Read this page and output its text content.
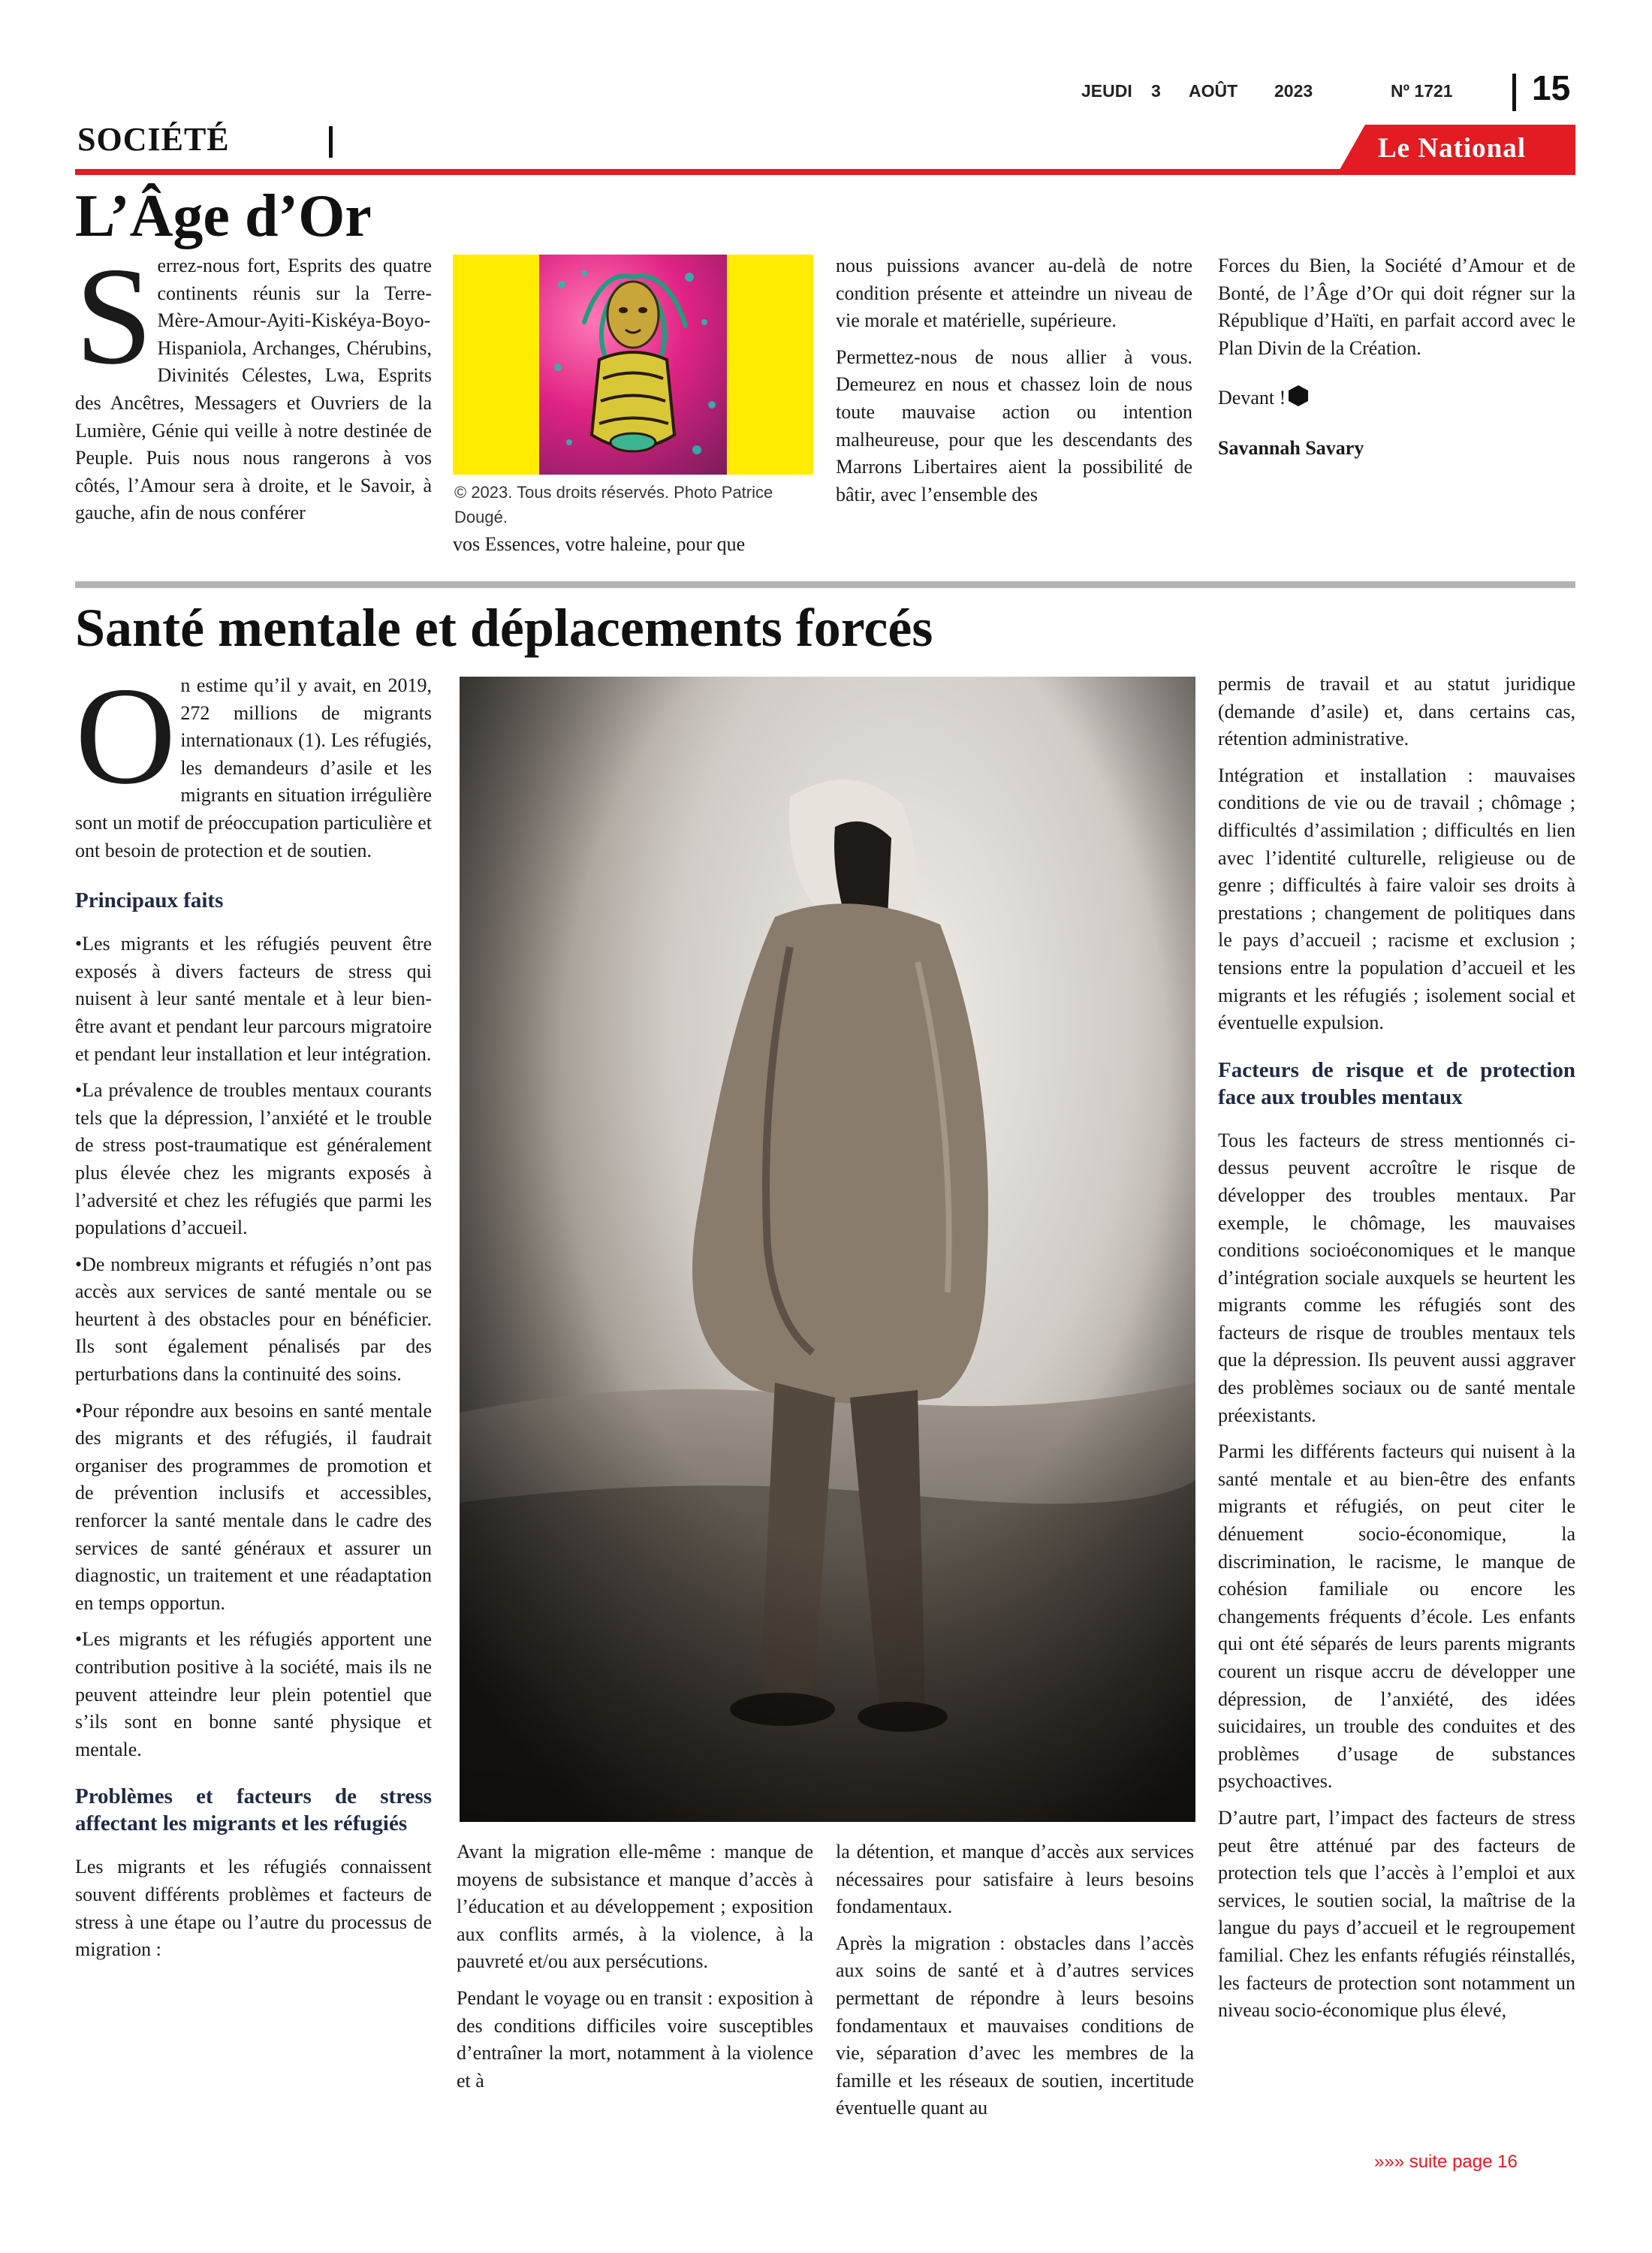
JEUDI 3 AOÛT 2023	Nº 1721 15
SOCIÉTÉ	Le National
L’Âge d’Or
S errez-nous fort, Esprits des quatre continents réunis sur la Terre-Mère-Amour-Ayiti-Kiskéya-Boyo-Hispaniola, Archanges, Chérubins, Divinités Célestes, Lwa, Esprits des Ancêtres, Messagers et Ouvriers de la Lumière, Génie qui veille à notre destinée de Peuple. Puis nous nous rangerons à vos côtés, l’Amour sera à droite, et le Savoir, à gauche, afin de nous conférer
© 2023. Tous droits réservés. Photo Patrice Dougé.
vos Essences, votre haleine, pour que

nous puissions avancer au-delà de notre condition présente et atteindre un niveau de vie morale et matérielle, supérieure.

Permettez-nous de nous allier à vous. Demeurez en nous et chassez loin de nous toute mauvaise action ou intention malheureuse, pour que les descendants des Marrons Libertaires aient la possibilité de bâtir, avec l’ensemble des

Forces du Bien, la Société d’Amour et de Bonté, de l’Âge d’Or qui doit régner sur la République d’Haïti, en parfait accord avec le Plan Divin de la Création.

Devant !

Savannah Savary

Santé mentale et déplacements forcés

O n estime qu’il y avait, en 2019, 272 millions de migrants internationaux (1). Les réfugiés, les demandeurs d’asile et les migrants en situation irrégulière sont un motif de préoccupation particulière et ont besoin de protection et de soutien.

Principaux faits

•Les migrants et les réfugiés peuvent être exposés à divers facteurs de stress qui nuisent à leur santé mentale et à leur bien-être avant et pendant leur parcours migratoire et pendant leur installation et leur intégration.

•La prévalence de troubles mentaux courants tels que la dépression, l’anxiété et le trouble de stress post-traumatique est généralement plus élevée chez les migrants exposés à l’adversité et chez les réfugiés que parmi les populations d’accueil.

•De nombreux migrants et réfugiés n’ont pas accès aux services de santé mentale ou se heurtent à des obstacles pour en bénéficier. Ils sont également pénalisés par des perturbations dans la continuité des soins.

•Pour répondre aux besoins en santé mentale des migrants et des réfugiés, il faudrait organiser des programmes de promotion et de prévention inclusifs et accessibles, renforcer la santé mentale dans le cadre des services de santé généraux et assurer un diagnostic, un traitement et une réadaptation en temps opportun.

•Les migrants et les réfugiés apportent une contribution positive à la société, mais ils ne peuvent atteindre leur plein potentiel que s’ils sont en bonne santé physique et mentale.

Problèmes et facteurs de stress affectant les migrants et les réfugiés

Les migrants et les réfugiés connaissent souvent différents problèmes et facteurs de stress à une étape ou l’autre du processus de migration :

Avant la migration elle-même : manque de moyens de subsistance et manque d’accès à l’éducation et au développement ; exposition aux conflits armés, à la violence, à la pauvreté et/ou aux persécutions.

Pendant le voyage ou en transit : exposition à des conditions difficiles voire susceptibles d’entraîner la mort, notamment à la violence et à

la détention, et manque d’accès aux services nécessaires pour satisfaire à leurs besoins fondamentaux.

Après la migration : obstacles dans l’accès aux soins de santé et à d’autres services permettant de répondre à leurs besoins fondamentaux et mauvaises conditions de vie, séparation d’avec les membres de la famille et les réseaux de soutien, incertitude éventuelle quant au

permis de travail et au statut juridique (demande d’asile) et, dans certains cas, rétention administrative.

Intégration et installation : mauvaises conditions de vie ou de travail ; chômage ; difficultés d’assimilation ; difficultés en lien avec l’identité culturelle, religieuse ou de genre ; difficultés à faire valoir ses droits à prestations ; changement de politiques dans le pays d’accueil ; racisme et exclusion ; tensions entre la population d’accueil et les migrants et les réfugiés ; isolement social et éventuelle expulsion.

Facteurs de risque et de protection face aux troubles mentaux

Tous les facteurs de stress mentionnés ci-dessus peuvent accroître le risque de développer des troubles mentaux. Par exemple, le chômage, les mauvaises conditions socioéconomiques et le manque d’intégration sociale auxquels se heurtent les migrants comme les réfugiés sont des facteurs de risque de troubles mentaux tels que la dépression. Ils peuvent aussi aggraver des problèmes sociaux ou de santé mentale préexistants.

Parmi les différents facteurs qui nuisent à la santé mentale et au bien-être des enfants migrants et réfugiés, on peut citer le dénuement socio-économique, la discrimination, le racisme, le manque de cohésion familiale ou encore les changements fréquents d’école. Les enfants qui ont été séparés de leurs parents migrants courent un risque accru de développer une dépression, de l’anxiété, des idées suicidaires, un trouble des conduites et des problèmes d’usage de substances psychoactives.

D’autre part, l’impact des facteurs de stress peut être atténué par des facteurs de protection tels que l’accès à l’emploi et aux services, le soutien social, la maîtrise de la langue du pays d’accueil et le regroupement familial. Chez les enfants réfugiés réinstallés, les facteurs de protection sont notamment un niveau socio-économique plus élevé,

»»» suite page 16
